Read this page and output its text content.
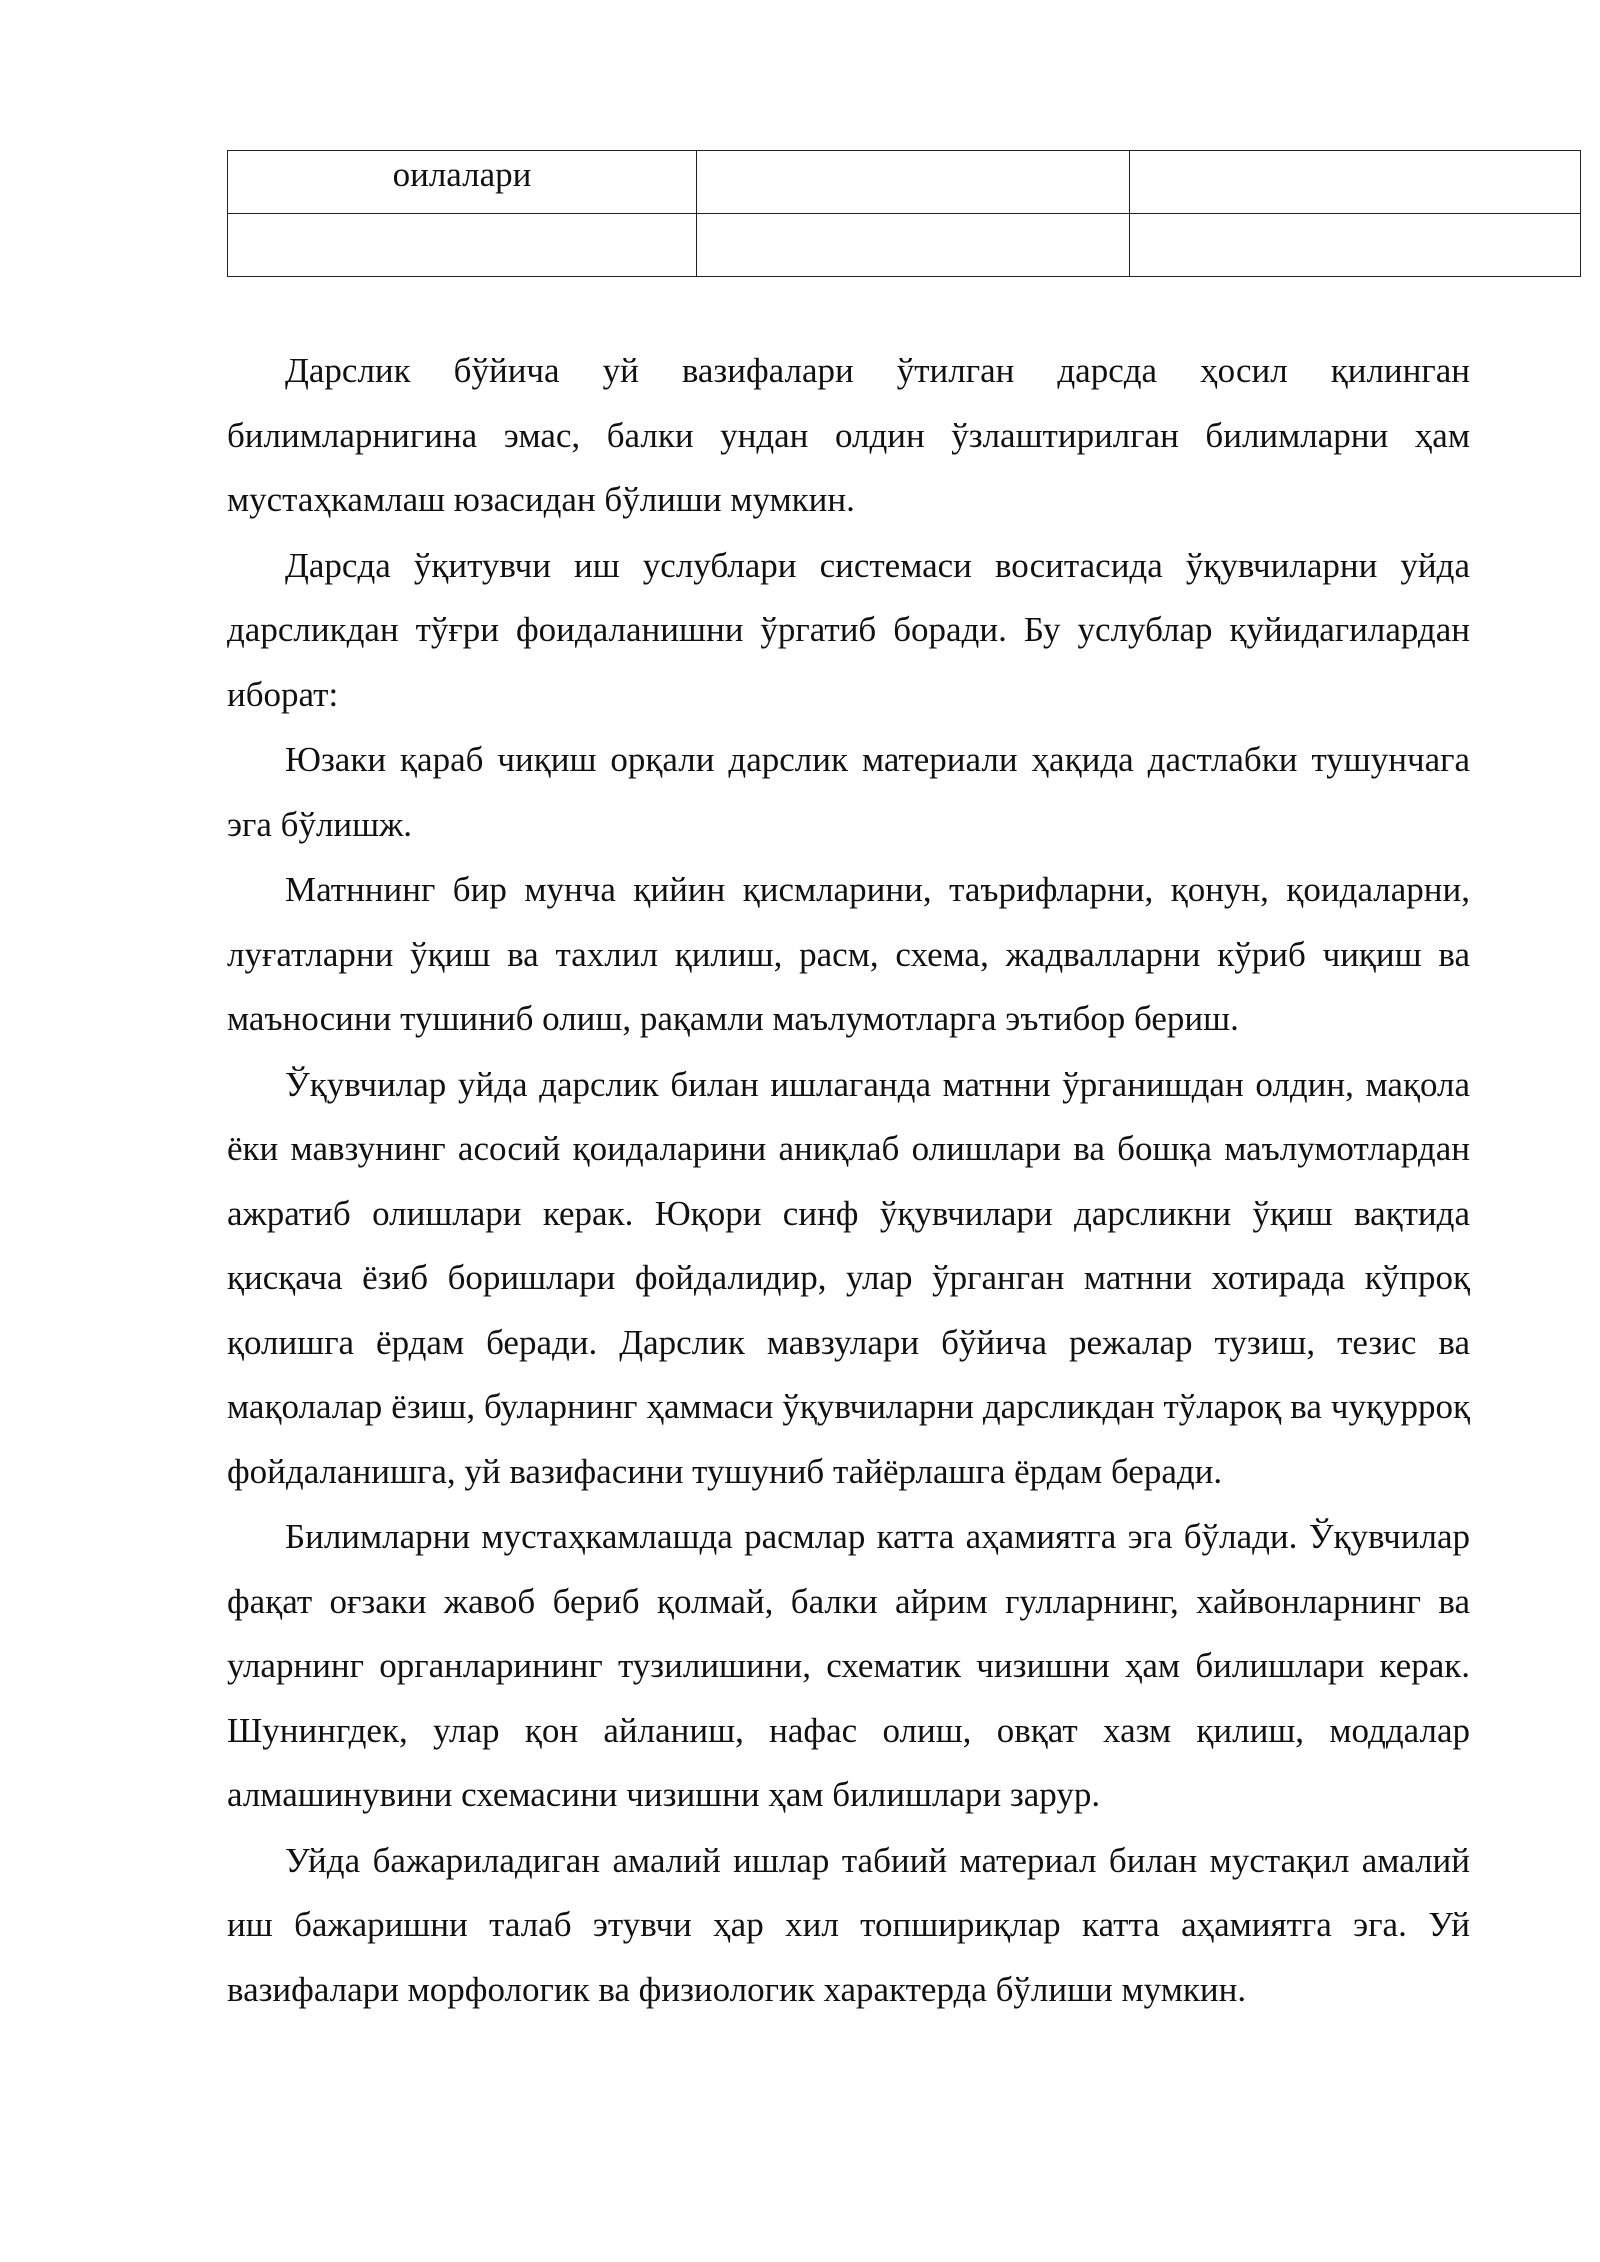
оилалари		

Дарслик бўйича уй вазифалари ўтилган дарсда ҳосил қилинган билимларнигина эмас, балки ундан олдин ўзлаштирилган билимларни ҳам мустаҳкамлаш юзасидан бўлиши мумкин.

Дарсда ўқитувчи иш услублари системаси воситасида ўқувчиларни уйда дарсликдан тўғри фоидаланишни ўргатиб боради. Бу услублар қуйидагилардан иборат:

Юзаки қараб чиқиш орқали дарслик материали ҳақида дастлабки тушунчага эга бўлишж.

Матннинг бир мунча қийин қисмларини, таърифларни, қонун, қоидаларни, луғатларни ўқиш ва тахлил қилиш, расм, схема, жадвалларни кўриб чиқиш ва маъносини тушиниб олиш, рақамли маълумотларга эътибор бериш.

Ўқувчилар уйда дарслик билан ишлаганда матнни ўрганишдан олдин, мақола ёки мавзунинг асосий қоидаларини аниқлаб олишлари ва бошқа маълумотлардан ажратиб олишлари керак. Юқори синф ўқувчилари дарсликни ўқиш вақтида қисқача ёзиб боришлари фойдалидир, улар ўрганган матнни хотирада кўпроқ қолишга ёрдам беради. Дарслик мавзулари бўйича режалар тузиш, тезис ва мақолалар ёзиш, буларнинг ҳаммаси ўқувчиларни дарсликдан тўлароқ ва чуқурроқ фойдаланишга, уй вазифасини тушуниб тайёрлашга ёрдам беради.

Билимларни мустаҳкамлашда расмлар катта аҳамиятга эга бўлади. Ўқувчилар фақат оғзаки жавоб бериб қолмай, балки айрим гулларнинг, хайвонларнинг ва уларнинг органларининг тузилишини, схематик чизишни ҳам билишлари керак. Шунингдек, улар қон айланиш, нафас олиш, овқат хазм қилиш, моддалар алмашинувини схемасини чизишни ҳам билишлари зарур.

Уйда бажариладиган амалий ишлар табиий материал билан мустақил амалий иш бажаришни талаб этувчи ҳар хил топшириқлар катта аҳамиятга эга. Уй вазифалари морфологик ва физиологик характерда бўлиши мумкин.
